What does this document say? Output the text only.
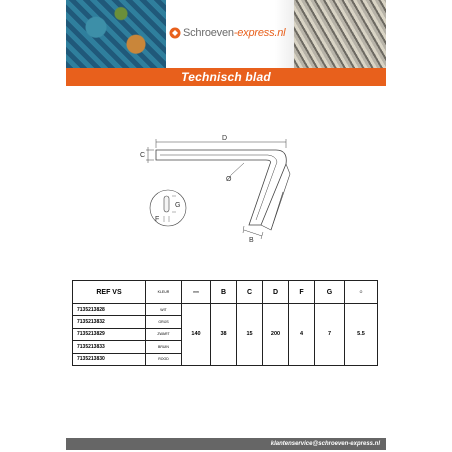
Schroeven-express.nl
Technisch blad
D
C
Ø
G
F
B
REF VS	KLEUR	mm	B	C	D	F	G	O
7135213828	WIT	140	38	15	200	4	7	5.5
7135213832	GRIJS							
7135213829	ZWART							
7135213833	BRUIN							
7135213830	ROOD							
klantenservice@schroeven-express.nl
